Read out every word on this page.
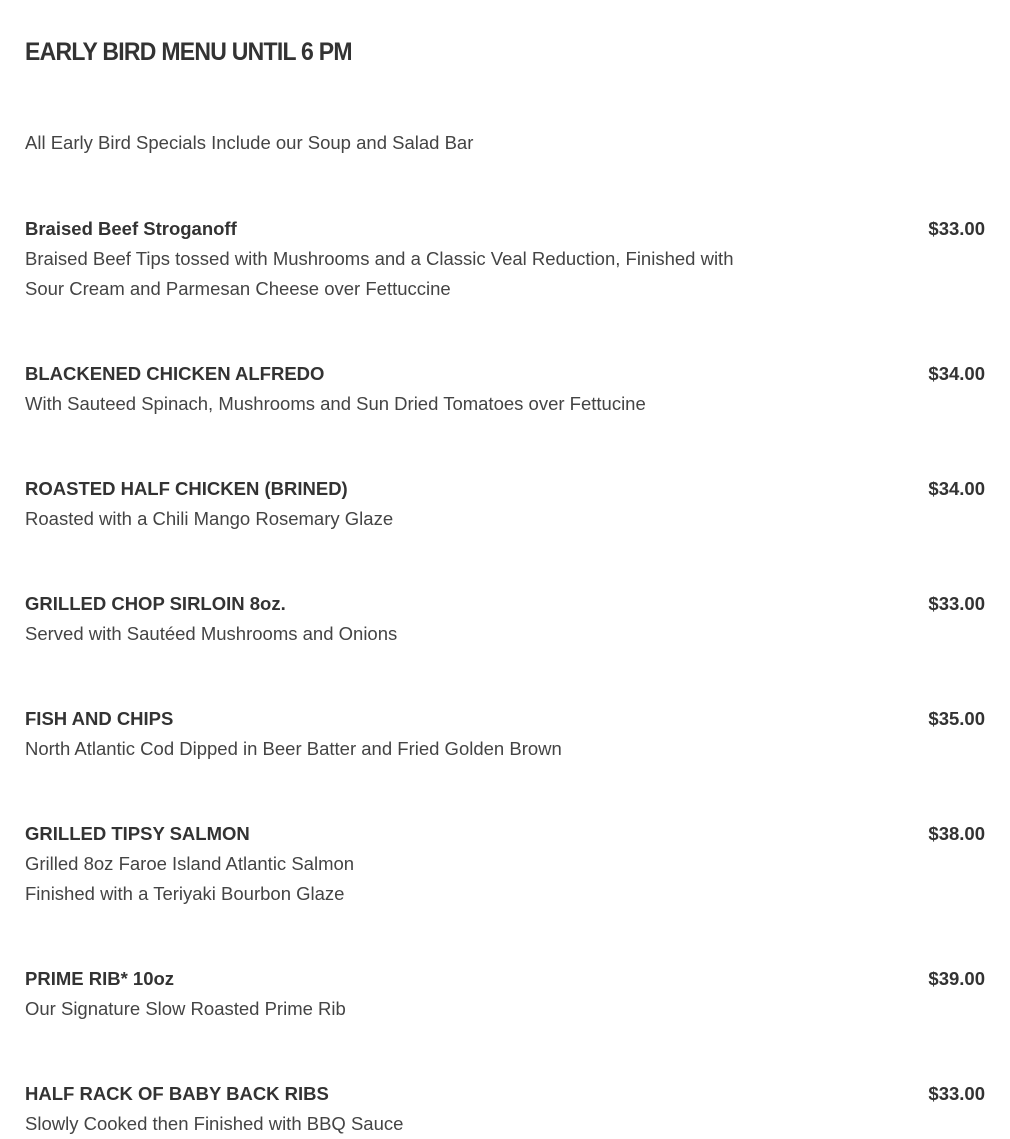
EARLY BIRD MENU UNTIL 6 PM

All Early Bird Specials Include our Soup and Salad Bar

Braised Beef Stroganoff	$33.00
Braised Beef Tips tossed with Mushrooms and a Classic Veal Reduction, Finished with
Sour Cream and Parmesan Cheese over Fettuccine
BLACKENED CHICKEN ALFREDO	$34.00
With Sauteed Spinach, Mushrooms and Sun Dried Tomatoes over Fettucine
ROASTED HALF CHICKEN (BRINED)	$34.00
Roasted with a Chili Mango Rosemary Glaze
GRILLED CHOP SIRLOIN 8oz.	$33.00
Served with Sautéed Mushrooms and Onions
FISH AND CHIPS	$35.00
North Atlantic Cod Dipped in Beer Batter and Fried Golden Brown
GRILLED TIPSY SALMON	$38.00
Grilled 8oz Faroe Island Atlantic Salmon
Finished with a Teriyaki Bourbon Glaze
PRIME RIB* 10oz	$39.00
Our Signature Slow Roasted Prime Rib
HALF RACK OF BABY BACK RIBS	$33.00
Slowly Cooked then Finished with BBQ Sauce
